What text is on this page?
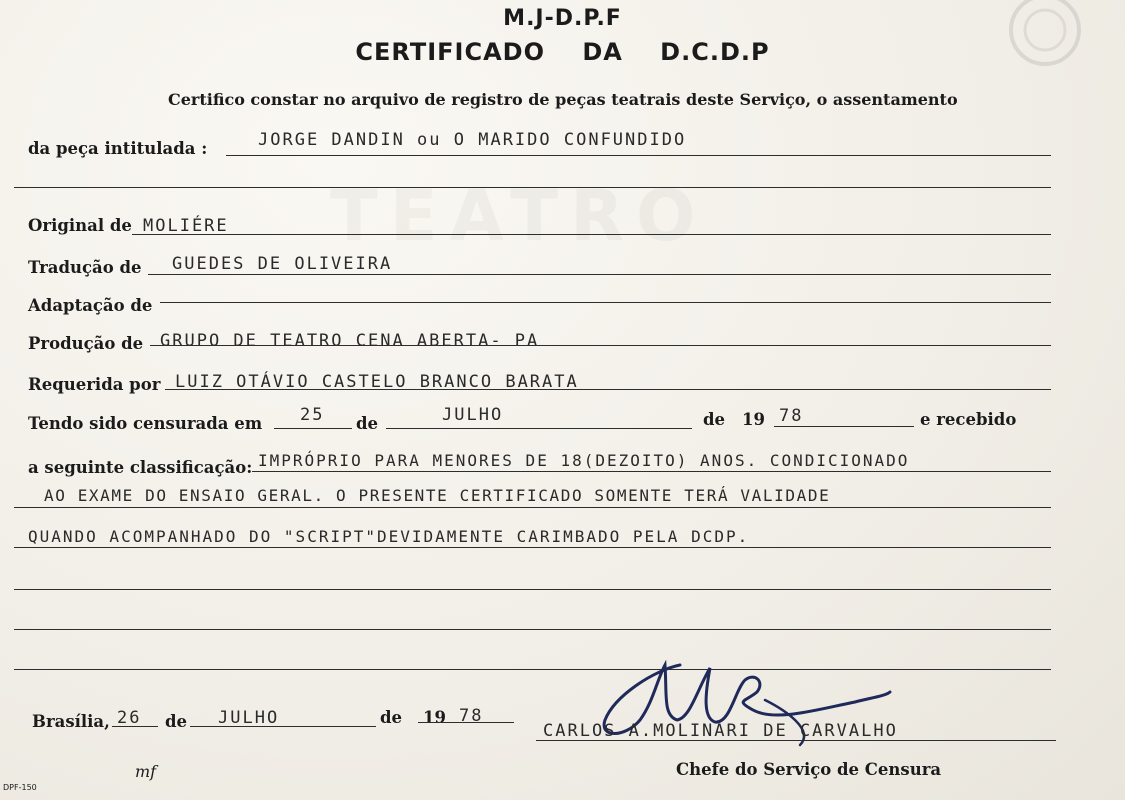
TEATRO
M.J-D.P.F
CERTIFICADO DA D.C.D.P
Certifico constar no arquivo de registro de peças teatrais deste Serviço, o assentamento
da peça intitulada :	JORGE DANDIN ou O MARIDO CONFUNDIDO
Original de MOLIÉRE
Tradução de GUEDES DE OLIVEIRA
Adaptação de
Produção de GRUPO DE TEATRO CENA ABERTA- PA
Requerida por LUIZ OTÁVIO CASTELO BRANCO BARATA
Tendo sido censurada em 25 de	JULHO	de 19 78	e recebido
a seguinte classificação: IMPRÓPRIO PARA MENORES DE 18(DEZOITO) ANOS. CONDICIONADO
AO EXAME DO ENSAIO GERAL. O PRESENTE CERTIFICADO SOMENTE TERÁ VALIDADE
QUANDO ACOMPANHADO DO "SCRIPT"DEVIDAMENTE CARIMBADO PELA DCDP.
Brasília, 26 de JULHO	de 19 78
CARLOS A.MOLINARI DE CARVALHO
Chefe do Serviço de Censura
mf
DPF-150
